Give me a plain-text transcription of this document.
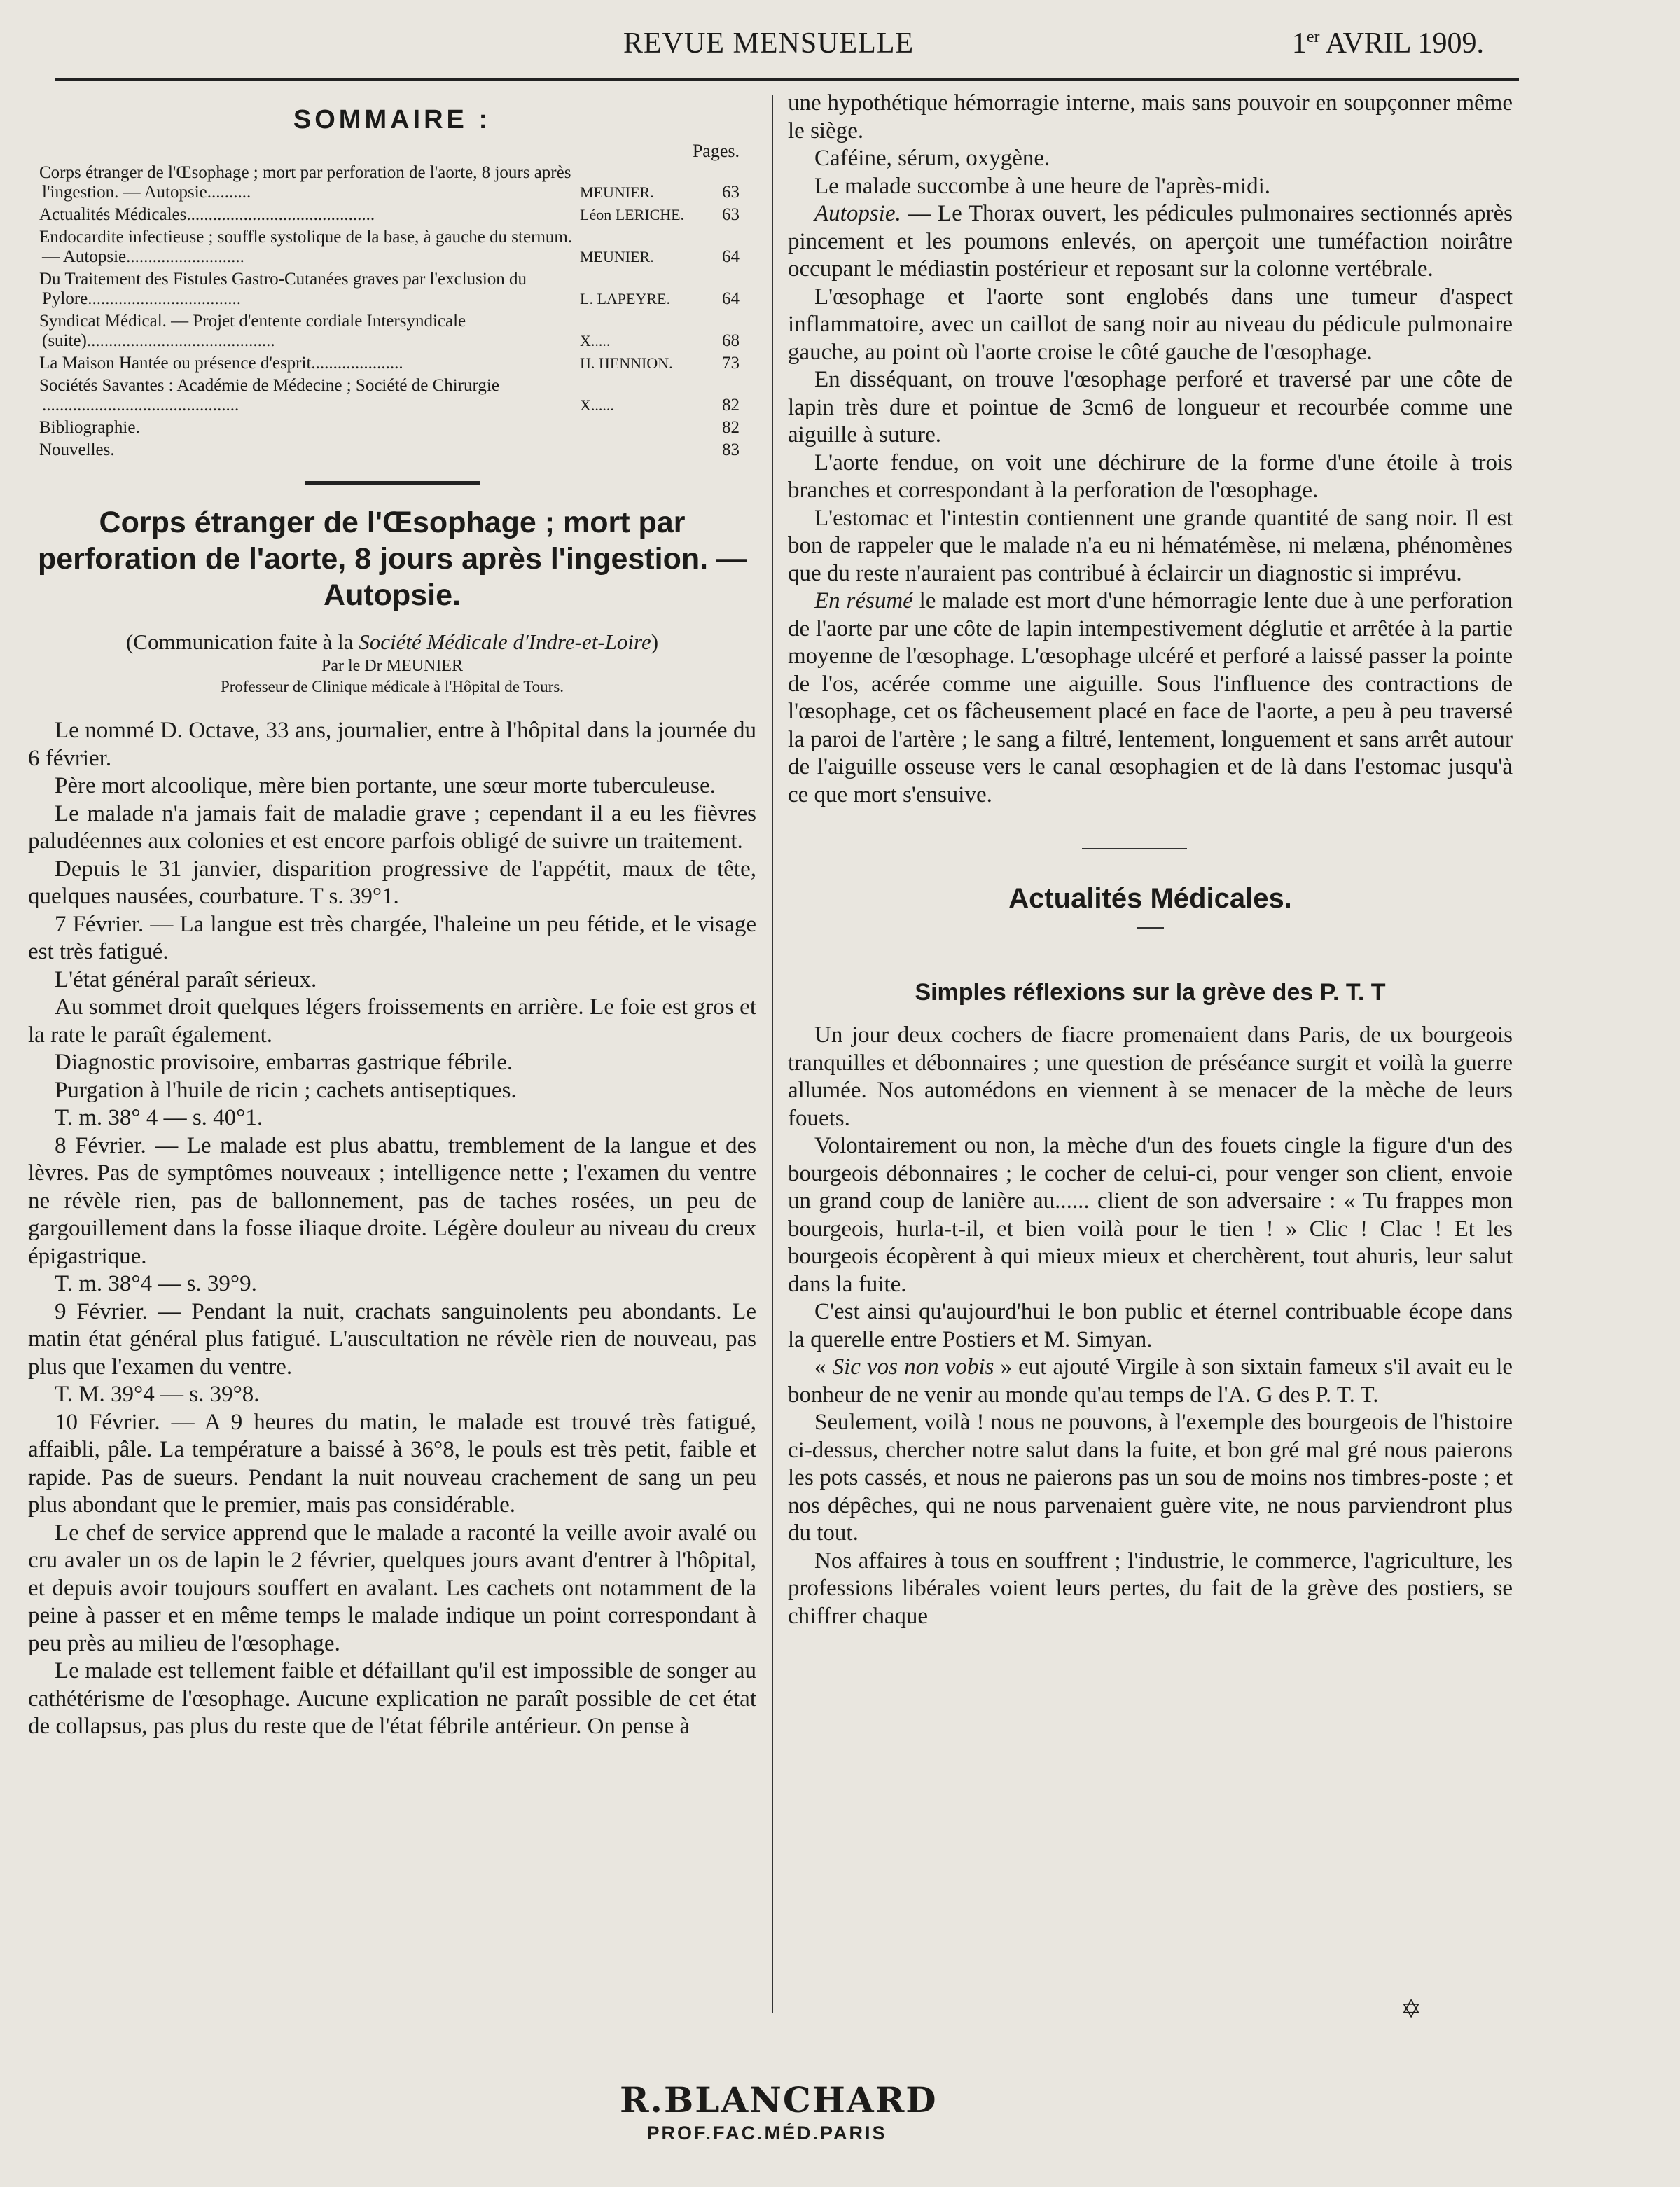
REVUE MENSUELLE	1er AVRIL 1909.
SOMMAIRE :
Pages.
Corps étranger de l'Œsophage ; mort par perforation de l'aorte, 8 jours après l'ingestion. — Autopsie..........	MEUNIER.	63
Actualités Médicales...........................................	Léon LERICHE.	63
Endocardite infectieuse ; souffle systolique de la base, à gauche du sternum. — Autopsie...........................	MEUNIER.	64
Du Traitement des Fistules Gastro-Cutanées graves par l'exclusion du Pylore...................................	L. LAPEYRE.	64
Syndicat Médical. — Projet d'entente cordiale Intersyndicale (suite)...........................................	X.....	68
La Maison Hantée ou présence d'esprit.....................	H. HENNION.	73
Sociétés Savantes : Académie de Médecine ; Société de Chirurgie .............................................	X......	82
Bibliographie.		82
Nouvelles.		83
Corps étranger de l'Œsophage ; mort par perforation de l'aorte, 8 jours après l'ingestion. — Autopsie.
(Communication faite à la Société Médicale d'Indre-et-Loire)
Par le Dr MEUNIER
Professeur de Clinique médicale à l'Hôpital de Tours.

Le nommé D. Octave, 33 ans, journalier, entre à l'hôpital dans la journée du 6 février.

Père mort alcoolique, mère bien portante, une sœur morte tuberculeuse.

Le malade n'a jamais fait de maladie grave ; cependant il a eu les fièvres paludéennes aux colonies et est encore parfois obligé de suivre un traitement.

Depuis le 31 janvier, disparition progressive de l'appétit, maux de tête, quelques nausées, courbature. T s. 39°1.

7 Février. — La langue est très chargée, l'haleine un peu fétide, et le visage est très fatigué.

L'état général paraît sérieux.

Au sommet droit quelques légers froissements en arrière. Le foie est gros et la rate le paraît également.

Diagnostic provisoire, embarras gastrique fébrile.

Purgation à l'huile de ricin ; cachets antiseptiques.

T. m. 38° 4 — s. 40°1.

8 Février. — Le malade est plus abattu, tremblement de la langue et des lèvres. Pas de symptômes nouveaux ; intelligence nette ; l'examen du ventre ne révèle rien, pas de ballonnement, pas de taches rosées, un peu de gargouillement dans la fosse iliaque droite. Légère douleur au niveau du creux épigastrique.

T. m. 38°4 — s. 39°9.

9 Février. — Pendant la nuit, crachats sanguinolents peu abondants. Le matin état général plus fatigué. L'auscultation ne révèle rien de nouveau, pas plus que l'examen du ventre.

T. M. 39°4 — s. 39°8.

10 Février. — A 9 heures du matin, le malade est trouvé très fatigué, affaibli, pâle. La température a baissé à 36°8, le pouls est très petit, faible et rapide. Pas de sueurs. Pendant la nuit nouveau crachement de sang un peu plus abondant que le premier, mais pas considérable.

Le chef de service apprend que le malade a raconté la veille avoir avalé ou cru avaler un os de lapin le 2 février, quelques jours avant d'entrer à l'hôpital, et depuis avoir toujours souffert en avalant. Les cachets ont notamment de la peine à passer et en même temps le malade indique un point correspondant à peu près au milieu de l'œsophage.

Le malade est tellement faible et défaillant qu'il est impossible de songer au cathétérisme de l'œsophage. Aucune explication ne paraît possible de cet état de collapsus, pas plus du reste que de l'état fébrile antérieur. On pense à

une hypothétique hémorragie interne, mais sans pouvoir en soupçonner même le siège.

Caféine, sérum, oxygène.

Le malade succombe à une heure de l'après-midi.

Autopsie. — Le Thorax ouvert, les pédicules pulmonaires sectionnés après pincement et les poumons enlevés, on aperçoit une tuméfaction noirâtre occupant le médiastin postérieur et reposant sur la colonne vertébrale.

L'œsophage et l'aorte sont englobés dans une tumeur d'aspect inflammatoire, avec un caillot de sang noir au niveau du pédicule pulmonaire gauche, au point où l'aorte croise le côté gauche de l'œsophage.

En disséquant, on trouve l'œsophage perforé et traversé par une côte de lapin très dure et pointue de 3cm6 de longueur et recourbée comme une aiguille à suture.

L'aorte fendue, on voit une déchirure de la forme d'une étoile à trois branches et correspondant à la perforation de l'œsophage.

L'estomac et l'intestin contiennent une grande quantité de sang noir. Il est bon de rappeler que le malade n'a eu ni hématémèse, ni melæna, phénomènes que du reste n'auraient pas contribué à éclaircir un diagnostic si imprévu.

En résumé le malade est mort d'une hémorragie lente due à une perforation de l'aorte par une côte de lapin intempestivement déglutie et arrêtée à la partie moyenne de l'œsophage. L'œsophage ulcéré et perforé a laissé passer la pointe de l'os, acérée comme une aiguille. Sous l'influence des contractions de l'œsophage, cet os fâcheusement placé en face de l'aorte, a peu à peu traversé la paroi de l'artère ; le sang a filtré, lentement, longuement et sans arrêt autour de l'aiguille osseuse vers le canal œsophagien et de là dans l'estomac jusqu'à ce que mort s'ensuive.

Actualités Médicales.
Simples réflexions sur la grève des P. T. T

Un jour deux cochers de fiacre promenaient dans Paris, de ux bourgeois tranquilles et débonnaires ; une question de préséance surgit et voilà la guerre allumée. Nos automédons en viennent à se menacer de la mèche de leurs fouets.

Volontairement ou non, la mèche d'un des fouets cingle la figure d'un des bourgeois débonnaires ; le cocher de celui-ci, pour venger son client, envoie un grand coup de lanière au...... client de son adversaire : « Tu frappes mon bourgeois, hurla-t-il, et bien voilà pour le tien ! » Clic ! Clac ! Et les bourgeois écopèrent à qui mieux mieux et cherchèrent, tout ahuris, leur salut dans la fuite.

C'est ainsi qu'aujourd'hui le bon public et éternel contribuable écope dans la querelle entre Postiers et M. Simyan.

« Sic vos non vobis » eut ajouté Virgile à son sixtain fameux s'il avait eu le bonheur de ne venir au monde qu'au temps de l'A. G des P. T. T.

Seulement, voilà ! nous ne pouvons, à l'exemple des bourgeois de l'histoire ci-dessus, chercher notre salut dans la fuite, et bon gré mal gré nous paierons les pots cassés, et nous ne paierons pas un sou de moins nos timbres-poste ; et nos dépêches, qui ne nous parvenaient guère vite, ne nous parviendront plus du tout.

Nos affaires à tous en souffrent ; l'industrie, le commerce, l'agriculture, les professions libérales voient leurs pertes, du fait de la grève des postiers, se chiffrer chaque

✡
R.BLANCHARD
PROF.FAC.MÉD.PARIS
